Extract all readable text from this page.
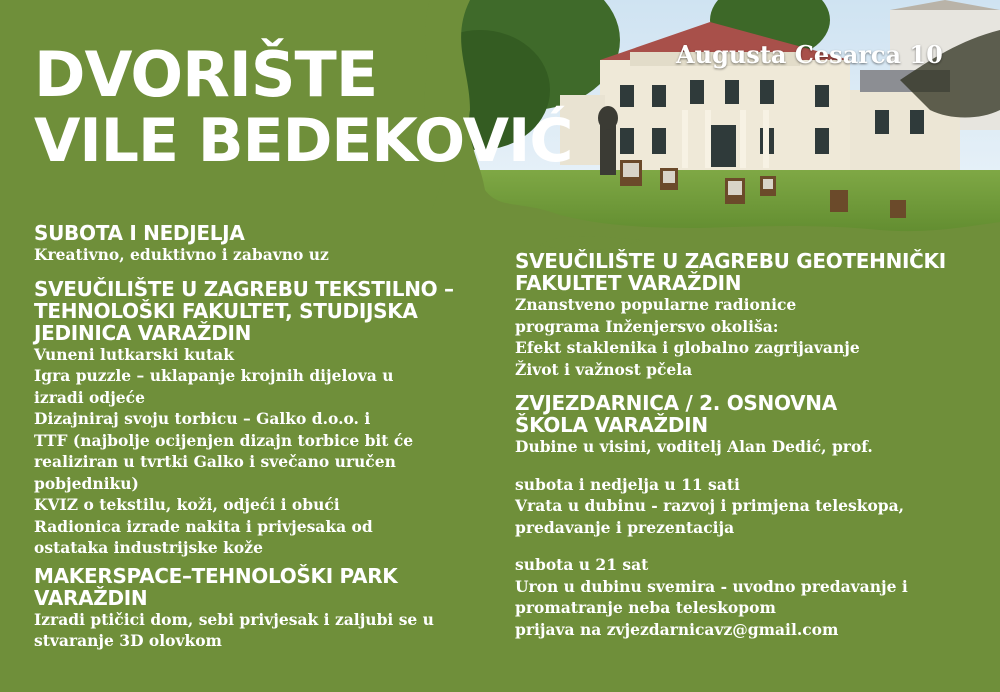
DVORIŠTE
VILE BEDEKOVIĆ
Augusta Cesarca 10
SUBOTA I NEDJELJA
Kreativno, eduktivno i zabavno uz
SVEUČILIŠTE U ZAGREBU TEKSTILNO –
TEHNOLOŠKI FAKULTET, STUDIJSKA
JEDINICA VARAŽDIN
Vuneni lutkarski kutak
Igra puzzle – uklapanje krojnih dijelova u
izradi odjeće
Dizajniraj svoju torbicu – Galko d.o.o. i
TTF (najbolje ocijenjen dizajn torbice bit će
realiziran u tvrtki Galko i svečano uručen
pobjedniku)
KVIZ o tekstilu, koži, odjeći i obući
Radionica izrade nakita i privjesaka od
ostataka industrijske kože
MAKERSPACE–TEHNOLOŠKI PARK VARAŽDIN
Izradi ptičici dom, sebi privjesak i zaljubi se u
stvaranje 3D olovkom
SVEUČILIŠTE U ZAGREBU GEOTEHNIČKI
FAKULTET VARAŽDIN
Znanstveno popularne radionice
programa Inženjersvo okoliša:
Efekt staklenika i globalno zagrijavanje
Život i važnost pčela
ZVJEZDARNICA / 2. OSNOVNA
ŠKOLA VARAŽDIN
Dubine u visini, voditelj Alan Dedić, prof.
subota i nedjelja u 11 sati
Vrata u dubinu - razvoj i primjena teleskopa,
predavanje i prezentacija
subota u 21 sat
Uron u dubinu svemira - uvodno predavanje i
promatranje neba teleskopom
prijava na zvjezdarnicavz@gmail.com
